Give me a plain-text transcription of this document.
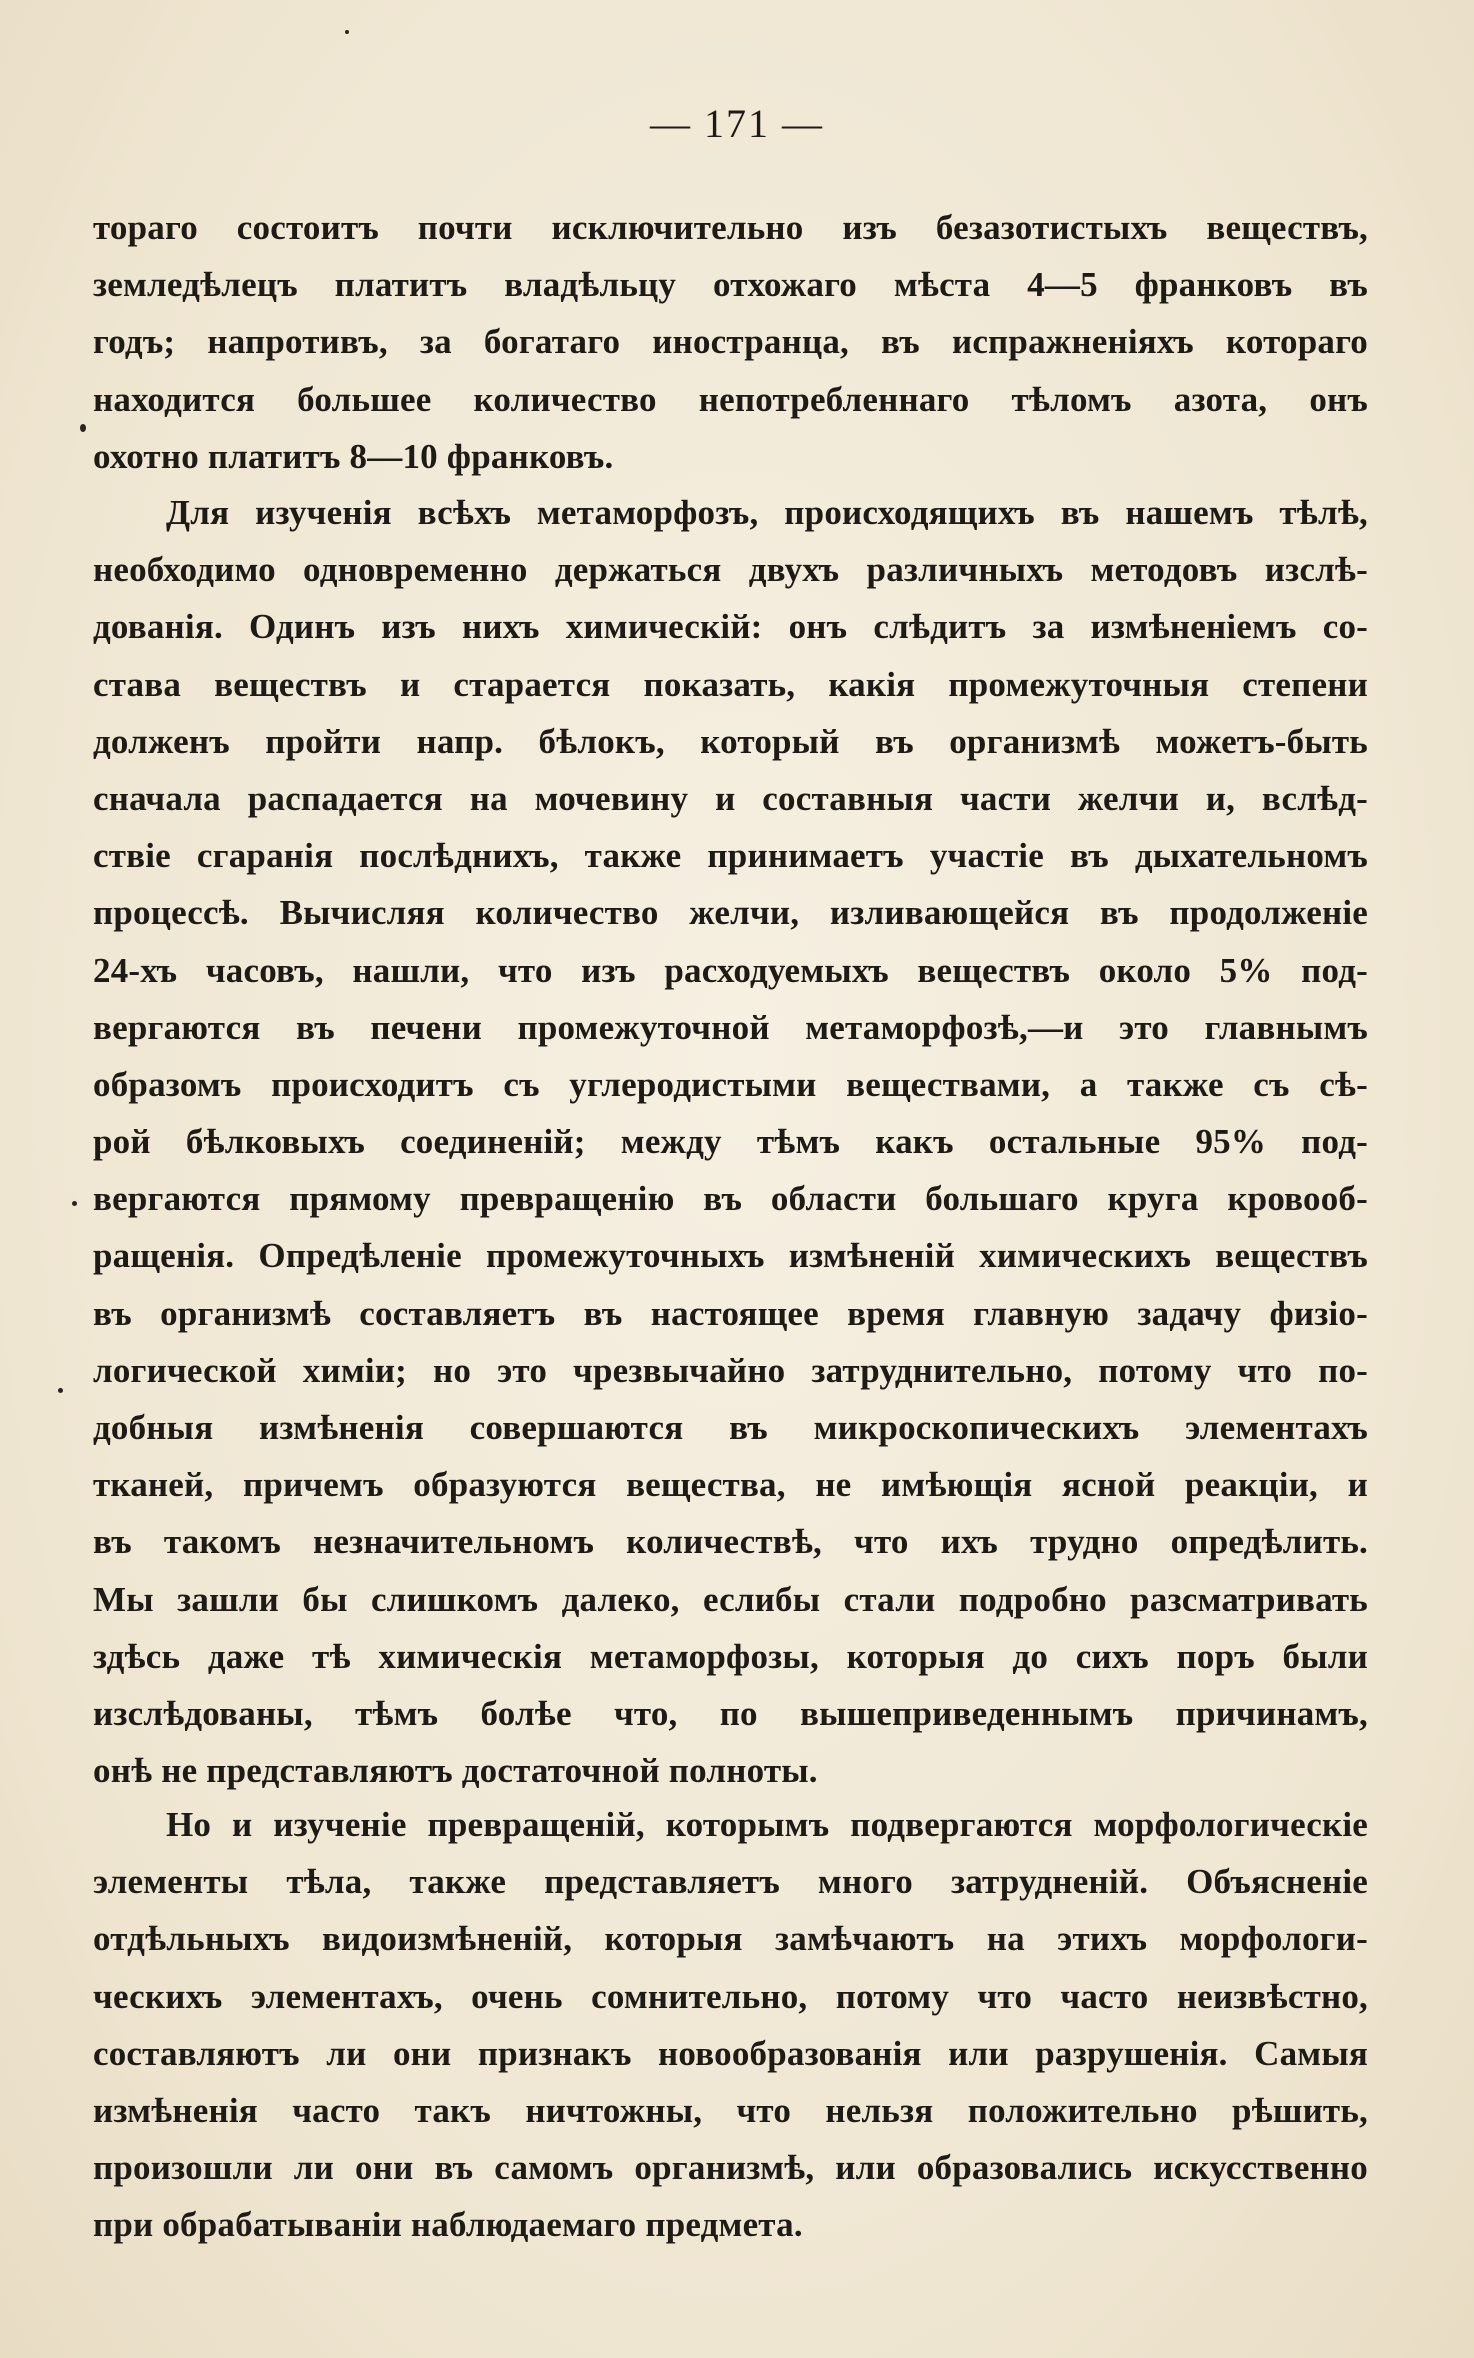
— 171 —
тораго состоитъ почти исключительно изъ безазотистыхъ веществъ,
земледѣлецъ платитъ владѣльцу отхожаго мѣста 4—5 франковъ въ
годъ; напротивъ, за богатаго иностранца, въ испражненіяхъ котораго
находится большее количество непотребленнаго тѣломъ азота, онъ
охотно платитъ 8—10 франковъ.
Для изученія всѣхъ метаморфозъ, происходящихъ въ нашемъ тѣлѣ,
необходимо одновременно держаться двухъ различныхъ методовъ изслѣ-
дованія. Одинъ изъ нихъ химическій: онъ слѣдитъ за измѣненіемъ со-
става веществъ и старается показать, какія промежуточныя степени
долженъ пройти напр. бѣлокъ, который въ организмѣ можетъ-быть
сначала распадается на мочевину и составныя части желчи и, вслѣд-
ствіе сгаранія послѣднихъ, также принимаетъ участіе въ дыхательномъ
процессѣ. Вычисляя количество желчи, изливающейся въ продолженіе
24-хъ часовъ, нашли, что изъ расходуемыхъ веществъ около 5% под-
вергаются въ печени промежуточной метаморфозѣ,—и это главнымъ
образомъ происходитъ съ углеродистыми веществами, а также съ сѣ-
рой бѣлковыхъ соединеній; между тѣмъ какъ остальные 95% под-
вергаются прямому превращенію въ области большаго круга кровооб-
ращенія. Опредѣленіе промежуточныхъ измѣненій химическихъ веществъ
въ организмѣ составляетъ въ настоящее время главную задачу физіо-
логической химіи; но это чрезвычайно затруднительно, потому что по-
добныя измѣненія совершаются въ микроскопическихъ элементахъ
тканей, причемъ образуются вещества, не имѣющія ясной реакціи, и
въ такомъ незначительномъ количествѣ, что ихъ трудно опредѣлить.
Мы зашли бы слишкомъ далеко, еслибы стали подробно разсматривать
здѣсь даже тѣ химическія метаморфозы, которыя до сихъ поръ были
изслѣдованы, тѣмъ болѣе что, по вышеприведеннымъ причинамъ,
онѣ не представляютъ достаточной полноты.
Но и изученіе превращеній, которымъ подвергаются морфологическіе
элементы тѣла, также представляетъ много затрудненій. Объясненіе
отдѣльныхъ видоизмѣненій, которыя замѣчаютъ на этихъ морфологи-
ческихъ элементахъ, очень сомнительно, потому что часто неизвѣстно,
составляютъ ли они признакъ новообразованія или разрушенія. Самыя
измѣненія часто такъ ничтожны, что нельзя положительно рѣшить,
произошли ли они въ самомъ организмѣ, или образовались искусственно
при обрабатываніи наблюдаемаго предмета.
